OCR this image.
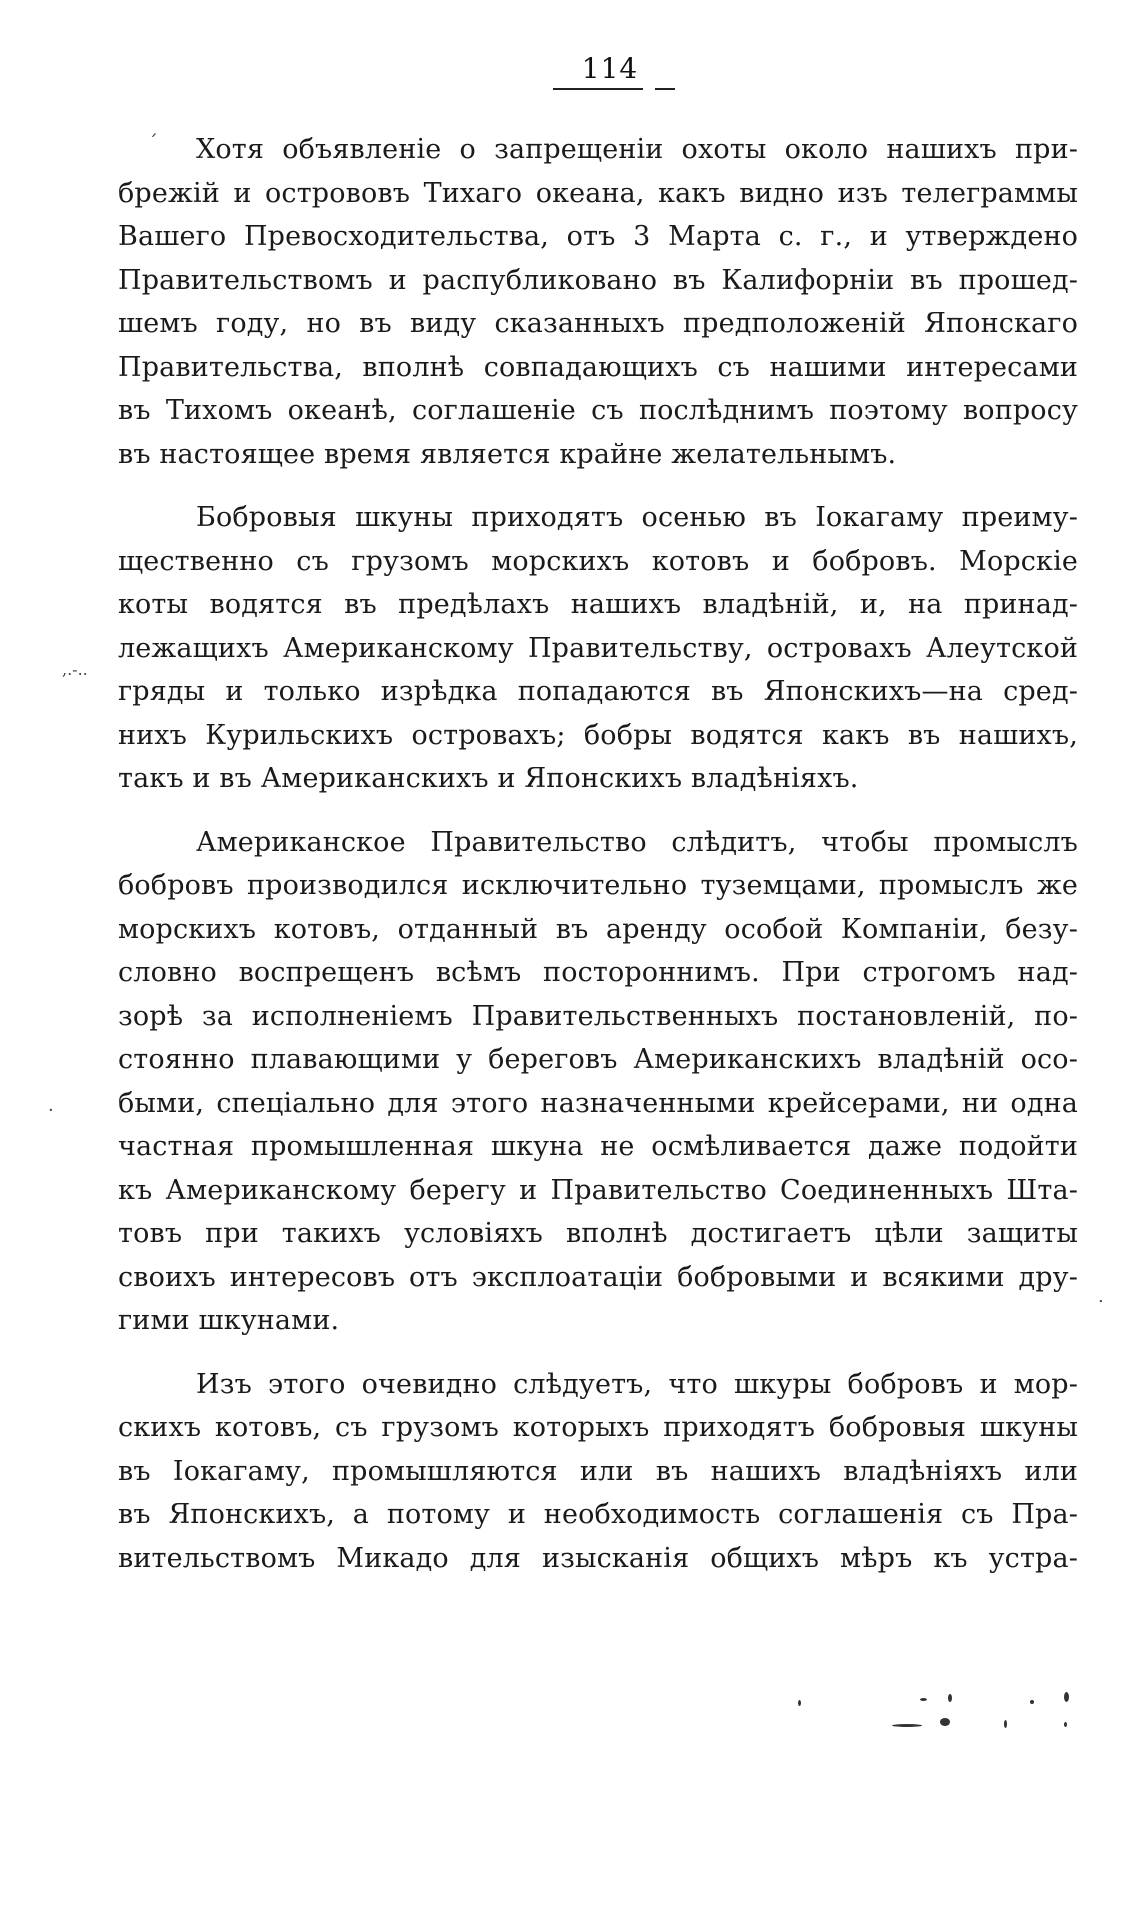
114
ˊ
,.-..
·
.
Хотя объявленіе о запрещеніи охоты около нашихъ при-
брежій и острововъ Тихаго океана, какъ видно изъ телеграммы
Вашего Превосходительства, отъ 3 Марта с. г., и утверждено
Правительствомъ и распубликовано въ Калифорніи въ прошед-
шемъ году, но въ виду сказанныхъ предположеній Японскаго
Правительства, вполнѣ совпадающихъ съ нашими интересами
въ Тихомъ океанѣ, соглашеніе съ послѣднимъ поэтому вопросу
въ настоящее время является крайне желательнымъ.
Бобровыя шкуны приходятъ осенью въ Іокагаму преиму-
щественно съ грузомъ морскихъ котовъ и бобровъ. Морскіе
коты водятся въ предѣлахъ нашихъ владѣній, и, на принад-
лежащихъ Американскому Правительству, островахъ Алеутской
гряды и только изрѣдка попадаются въ Японскихъ—на сред-
нихъ Курильскихъ островахъ; бобры водятся какъ въ нашихъ,
такъ и въ Американскихъ и Японскихъ владѣніяхъ.
Американское Правительство слѣдитъ, чтобы промыслъ
бобровъ производился исключительно туземцами, промыслъ же
морскихъ котовъ, отданный въ аренду особой Компаніи, безу-
словно воспрещенъ всѣмъ постороннимъ. При строгомъ над-
зорѣ за исполненіемъ Правительственныхъ постановленій, по-
стоянно плавающими у береговъ Американскихъ владѣній осо-
быми, спеціально для этого назначенными крейсерами, ни одна
частная промышленная шкуна не осмѣливается даже подойти
къ Американскому берегу и Правительство Соединенныхъ Шта-
товъ при такихъ условіяхъ вполнѣ достигаетъ цѣли защиты
своихъ интересовъ отъ эксплоатаціи бобровыми и всякими дру-
гими шкунами.
Изъ этого очевидно слѣдуетъ, что шкуры бобровъ и мор-
скихъ котовъ, съ грузомъ которыхъ приходятъ бобровыя шкуны
въ Іокагаму, промышляются или въ нашихъ владѣніяхъ или
въ Японскихъ, а потому и необходимость соглашенія съ Пра-
вительствомъ Микадо для изысканія общихъ мѣръ къ устра-
